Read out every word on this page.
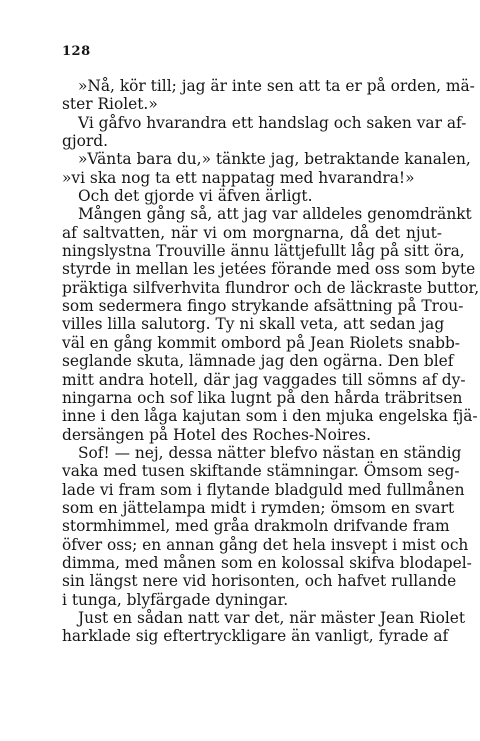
128
»Nå, kör till; jag är inte sen att ta er på orden, mä-
ster Riolet.»
Vi gåfvo hvarandra ett handslag och saken var af-
gjord.
»Vänta bara du,» tänkte jag, betraktande kanalen,
»vi ska nog ta ett nappatag med hvarandra!»
Och det gjorde vi äfven ärligt.
Mången gång så, att jag var alldeles genomdränkt
af saltvatten, när vi om morgnarna, då det njut-
ningslystna Trouville ännu lättjefullt låg på sitt öra,
styrde in mellan les jetées förande med oss som byte
präktiga silfverhvita flundror och de läckraste buttor,
som sedermera fingo strykande afsättning på Trou-
villes lilla salutorg. Ty ni skall veta, att sedan jag
väl en gång kommit ombord på Jean Riolets snabb-
seglande skuta, lämnade jag den ogärna. Den blef
mitt andra hotell, där jag vaggades till sömns af dy-
ningarna och sof lika lugnt på den hårda träbritsen
inne i den låga kajutan som i den mjuka engelska fjä-
dersängen på Hotel des Roches-Noires.
Sof! — nej, dessa nätter blefvo nästan en ständig
vaka med tusen skiftande stämningar. Ömsom seg-
lade vi fram som i flytande bladguld med fullmånen
som en jättelampa midt i rymden; ömsom en svart
stormhimmel, med gråa drakmoln drifvande fram
öfver oss; en annan gång det hela insvept i mist och
dimma, med månen som en kolossal skifva blodapel-
sin längst nere vid horisonten, och hafvet rullande
i tunga, blyfärgade dyningar.
Just en sådan natt var det, när mäster Jean Riolet
harklade sig eftertryckligare än vanligt, fyrade af
